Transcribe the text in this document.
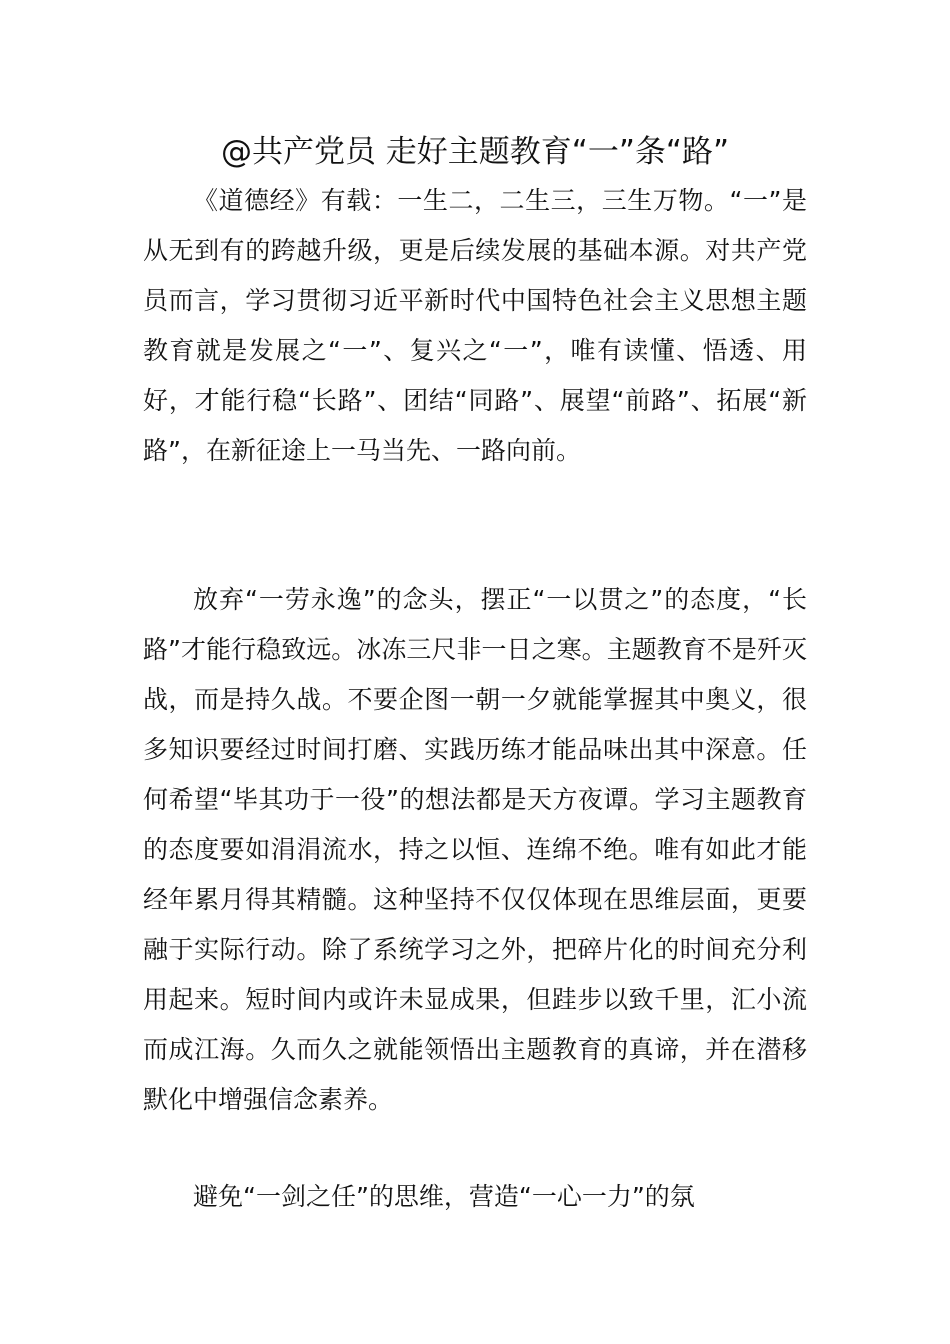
@共产党员 走好主题教育“一”条“路”

《道德经》有载：一生二，二生三，三生万物。“一”是从无到有的跨越升级，更是后续发展的基础本源。对共产党员而言，学习贯彻习近平新时代中国特色社会主义思想主题教育就是发展之“一”、复兴之“一”，唯有读懂、悟透、用好，才能行稳“长路”、团结“同路”、展望“前路”、拓展“新路”，在新征途上一马当先、一路向前。

放弃“一劳永逸”的念头，摆正“一以贯之”的态度，“长路”才能行稳致远。冰冻三尺非一日之寒。主题教育不是歼灭战，而是持久战。不要企图一朝一夕就能掌握其中奥义，很多知识要经过时间打磨、实践历练才能品味出其中深意。任何希望“毕其功于一役”的想法都是天方夜谭。学习主题教育的态度要如涓涓流水，持之以恒、连绵不绝。唯有如此才能经年累月得其精髓。这种坚持不仅仅体现在思维层面，更要融于实际行动。除了系统学习之外，把碎片化的时间充分利用起来。短时间内或许未显成果，但跬步以致千里，汇小流而成江海。久而久之就能领悟出主题教育的真谛，并在潜移默化中增强信念素养。

避免“一剑之任”的思维，营造“一心一力”的氛
